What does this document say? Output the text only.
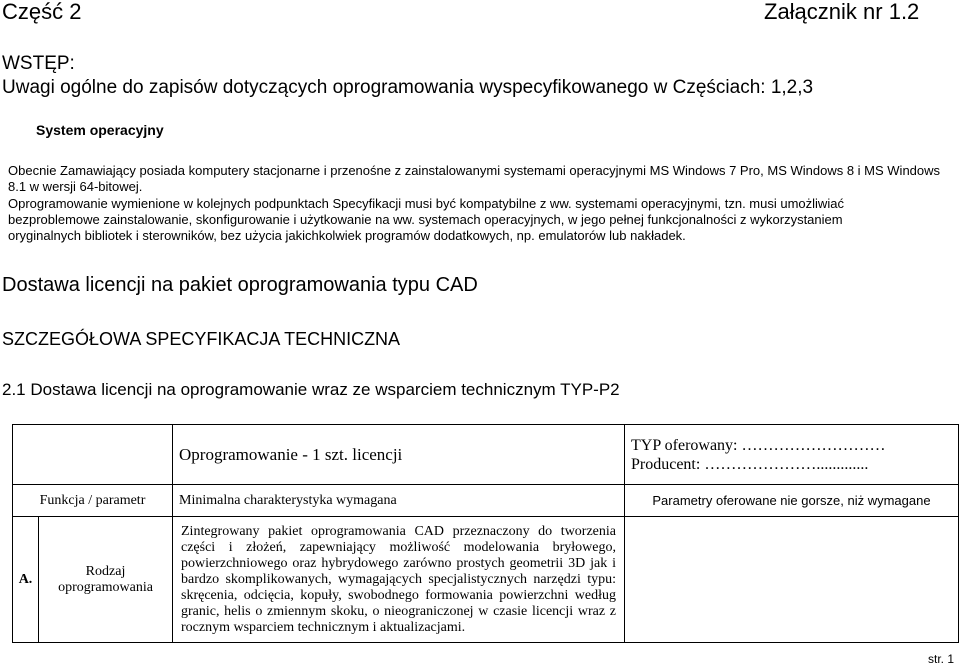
Część 2	Załącznik nr 1.2
WSTĘP:
Uwagi ogólne do zapisów dotyczących oprogramowania wyspecyfikowanego w Częściach: 1,2,3
System operacyjny
Obecnie Zamawiający posiada komputery stacjonarne i przenośne z zainstalowanymi systemami operacyjnymi MS Windows 7 Pro, MS Windows 8 i MS Windows 8.1 w wersji 64-bitowej.
Oprogramowanie wymienione w kolejnych podpunktach Specyfikacji musi być kompatybilne z ww. systemami operacyjnymi, tzn. musi umożliwiać
bezproblemowe zainstalowanie, skonfigurowanie i użytkowanie na ww. systemach operacyjnych, w jego pełnej funkcjonalności z wykorzystaniem
oryginalnych bibliotek i sterowników, bez użycia jakichkolwiek programów dodatkowych, np. emulatorów lub nakładek.
Dostawa licencji na pakiet oprogramowania typu CAD
SZCZEGÓŁOWA SPECYFIKACJA TECHNICZNA
2.1 Dostawa licencji na oprogramowanie wraz ze wsparciem technicznym TYP-P2
		Oprogramowanie - 1 szt. licencji	TYP oferowany: ………………………
Producent: ………………….............

Funkcja / parametr		Minimalna charakterystyka wymagana	Parametry oferowane nie gorsze, niż wymagane
A.	Rodzaj oprogramowania	Zintegrowany pakiet oprogramowania CAD przeznaczony do tworzenia części i złożeń, zapewniający możliwość modelowania bryłowego, powierzchniowego oraz hybrydowego zarówno prostych geometrii 3D jak i bardzo skomplikowanych, wymagających specjalistycznych narzędzi typu: skręcenia, odcięcia, kopuły, swobodnego formowania powierzchni według granic, helis o zmiennym skoku, o nieograniczonej w czasie licencji wraz z rocznym wsparciem technicznym i aktualizacjami.	
str. 1
